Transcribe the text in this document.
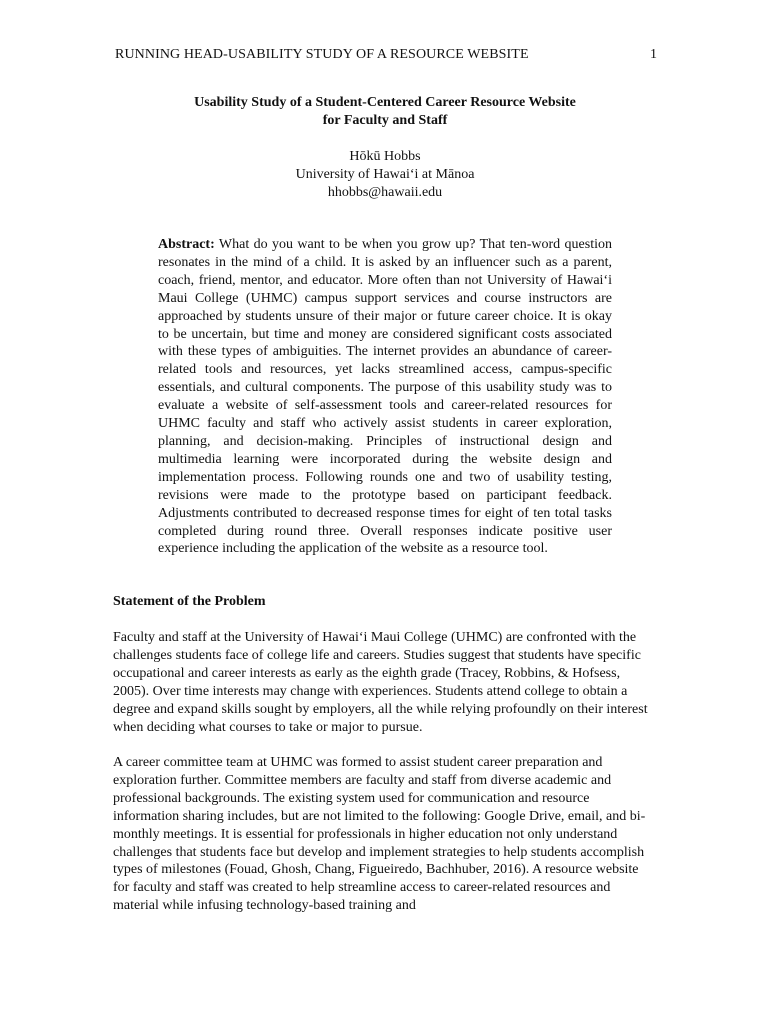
RUNNING HEAD-USABILITY STUDY OF A RESOURCE WEBSITE	1

Usability Study of a Student-Centered Career Resource Website

for Faculty and Staff

Hōkū Hobbs
University of Hawai‘i at Mānoa
hhobbs@hawaii.edu

Abstract: What do you want to be when you grow up? That ten-word question resonates in the mind of a child. It is asked by an influencer such as a parent, coach, friend, mentor, and educator. More often than not University of Hawai‘i Maui College (UHMC) campus support services and course instructors are approached by students unsure of their major or future career choice. It is okay to be uncertain, but time and money are considered significant costs associated with these types of ambiguities. The internet provides an abundance of career-related tools and resources, yet lacks streamlined access, campus-specific essentials, and cultural components. The purpose of this usability study was to evaluate a website of self-assessment tools and career-related resources for UHMC faculty and staff who actively assist students in career exploration, planning, and decision-making. Principles of instructional design and multimedia learning were incorporated during the website design and implementation process. Following rounds one and two of usability testing, revisions were made to the prototype based on participant feedback. Adjustments contributed to decreased response times for eight of ten total tasks completed during round three. Overall responses indicate positive user experience including the application of the website as a resource tool.

Statement of the Problem

Faculty and staff at the University of Hawai‘i Maui College (UHMC) are confronted with the challenges students face of college life and careers. Studies suggest that students have specific occupational and career interests as early as the eighth grade (Tracey, Robbins, & Hofsess, 2005). Over time interests may change with experiences. Students attend college to obtain a degree and expand skills sought by employers, all the while relying profoundly on their interest when deciding what courses to take or major to pursue.

A career committee team at UHMC was formed to assist student career preparation and exploration further. Committee members are faculty and staff from diverse academic and professional backgrounds. The existing system used for communication and resource information sharing includes, but are not limited to the following: Google Drive, email, and bi-monthly meetings. It is essential for professionals in higher education not only understand challenges that students face but develop and implement strategies to help students accomplish types of milestones (Fouad, Ghosh, Chang, Figueiredo, Bachhuber, 2016). A resource website for faculty and staff was created to help streamline access to career-related resources and material while infusing technology-based training and
